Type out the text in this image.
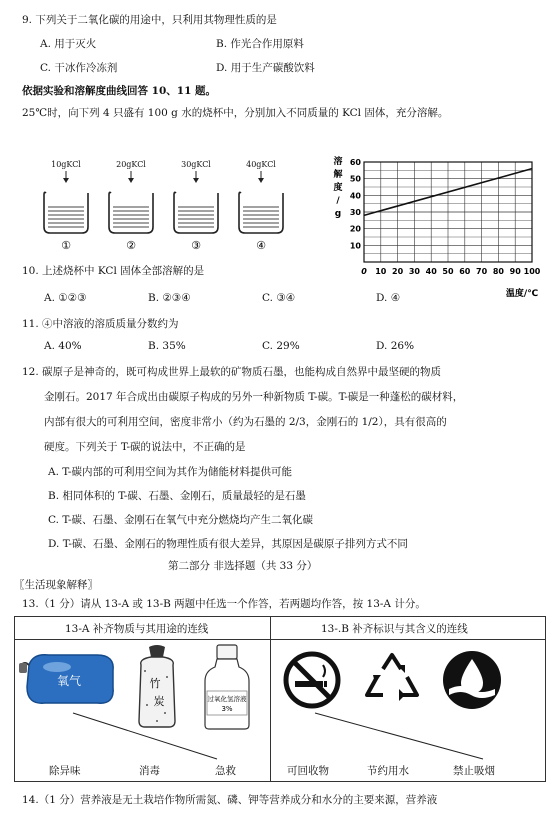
9. 下列关于二氧化碳的用途中，只利用其物理性质的是
A. 用于灭火	B. 作光合作用原料
C. 干冰作冷冻剂	D. 用于生产碳酸饮料
依据实验和溶解度曲线回答 10、11 题。
25℃时，向下列 4 只盛有 100 g 水的烧杯中，分别加入不同质量的 KCl 固体，充分溶解。
10gKCl
①
20gKCl
②
30gKCl
③
40gKCl
④
0 10 20 30 40 50 60 70 80 90 100
10
20
30
40
50
60
溶
解
度
/
g
温度/℃
10. 上述烧杯中 KCl 固体全部溶解的是
A. ①②③	B. ②③④	C. ③④	D. ④
11. ④中溶液的溶质质量分数约为
A. 40%	B. 35%	C. 29%	D. 26%
12. 碳原子是神奇的，既可构成世界上最软的矿物质石墨，也能构成自然界中最坚硬的物质
金刚石。2017 年合成出由碳原子构成的另外一种新物质 T-碳。T-碳是一种蓬松的碳材料，
内部有很大的可利用空间，密度非常小（约为石墨的 2/3，金刚石的 1/2），具有很高的
硬度。下列关于 T-碳的说法中，不正确的是
A. T-碳内部的可利用空间为其作为储能材料提供可能
B. 相同体积的 T-碳、石墨、金刚石，质量最轻的是石墨
C. T-碳、石墨、金刚石在氧气中充分燃烧均产生二氧化碳
D. T-碳、石墨、金刚石的物理性质有很大差异，其原因是碳原子排列方式不同
第二部分 非选择题（共 33 分）
〖生活现象解释〗
13.（1 分）请从 13-A 或 13-B 两题中任选一个作答，若两题均作答，按 13-A 计分。
13-A 补齐物质与其用途的连线	13-.B 补齐标识与其含义的连线
氧气	竹
炭	过氧化氢溶液
3%
除异味	消毒	急救	可回收物	节约用水	禁止吸烟
14.（1 分）营养液是无土栽培作物所需氮、磷、钾等营养成分和水分的主要来源，营养液
